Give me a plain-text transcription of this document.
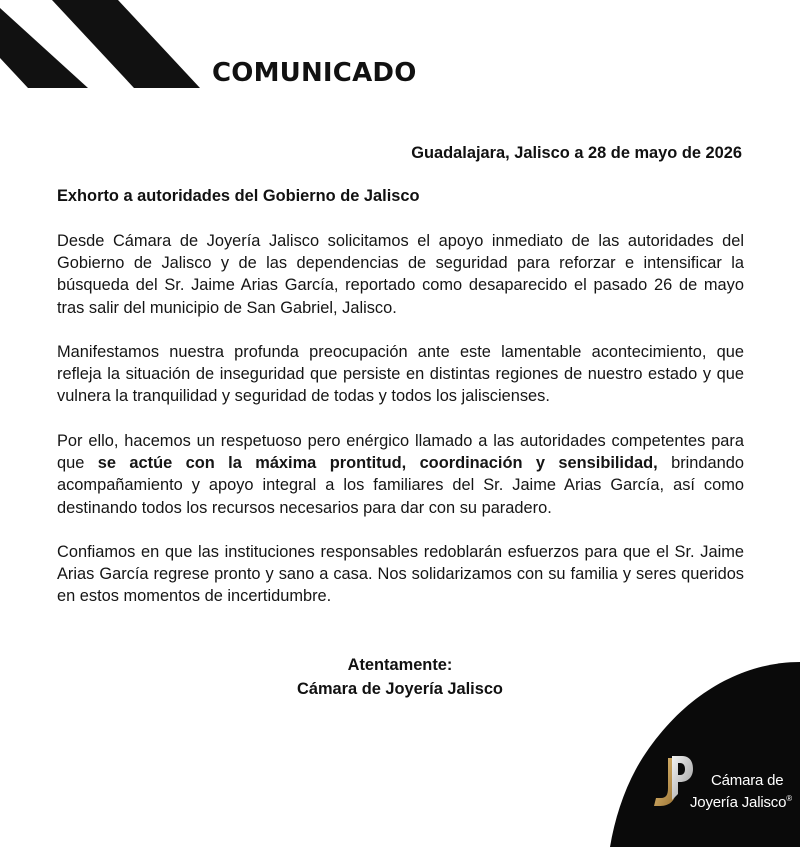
COMUNICADO

Guadalajara, Jalisco a 28 de mayo de 2026

Exhorto a autoridades del Gobierno de Jalisco

Desde Cámara de Joyería Jalisco solicitamos el apoyo inmediato de las autoridades del Gobierno de Jalisco y de las dependencias de seguridad para reforzar e intensificar la búsqueda del Sr. Jaime Arias García, reportado como desaparecido el pasado 26 de mayo tras salir del municipio de San Gabriel, Jalisco.

Manifestamos nuestra profunda preocupación ante este lamentable acontecimiento, que refleja la situación de inseguridad que persiste en distintas regiones de nuestro estado y que vulnera la tranquilidad y seguridad de todas y todos los jaliscienses.

Por ello, hacemos un respetuoso pero enérgico llamado a las autoridades competentes para que se actúe con la máxima prontitud, coordinación y sensibilidad, brindando acompañamiento y apoyo integral a los familiares del Sr. Jaime Arias García, así como destinando todos los recursos necesarios para dar con su paradero.

Confiamos en que las instituciones responsables redoblarán esfuerzos para que el Sr. Jaime Arias García regrese pronto y sano a casa. Nos solidarizamos con su familia y seres queridos en estos momentos de incertidumbre.

Atentamente:
Cámara de Joyería Jalisco
Cámara de
Joyería Jalisco®
